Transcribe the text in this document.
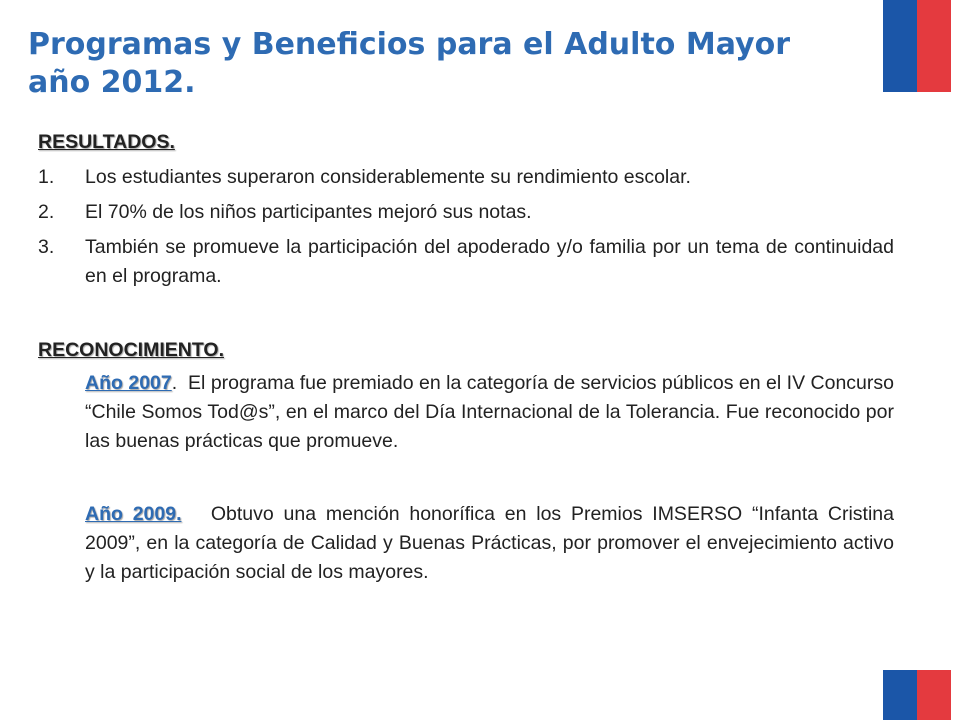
Programas y Beneficios para el Adulto Mayor año 2012.

RESULTADOS.

1. Los estudiantes superaron considerablemente su rendimiento escolar.
2. El 70% de los niños participantes mejoró sus notas.
3. También se promueve la participación del apoderado y/o familia por un tema de continuidad en el programa.

RECONOCIMIENTO.

Año 2007.  El programa fue premiado en la categoría de servicios públicos en el IV Concurso “Chile Somos Tod@s”, en el marco del Día Internacional de la Tolerancia. Fue reconocido por las buenas prácticas que promueve.

Año 2009. Obtuvo una mención honorífica en los Premios IMSERSO “Infanta Cristina 2009”, en la categoría de Calidad y Buenas Prácticas, por promover el envejecimiento activo y la participación social de los mayores.
